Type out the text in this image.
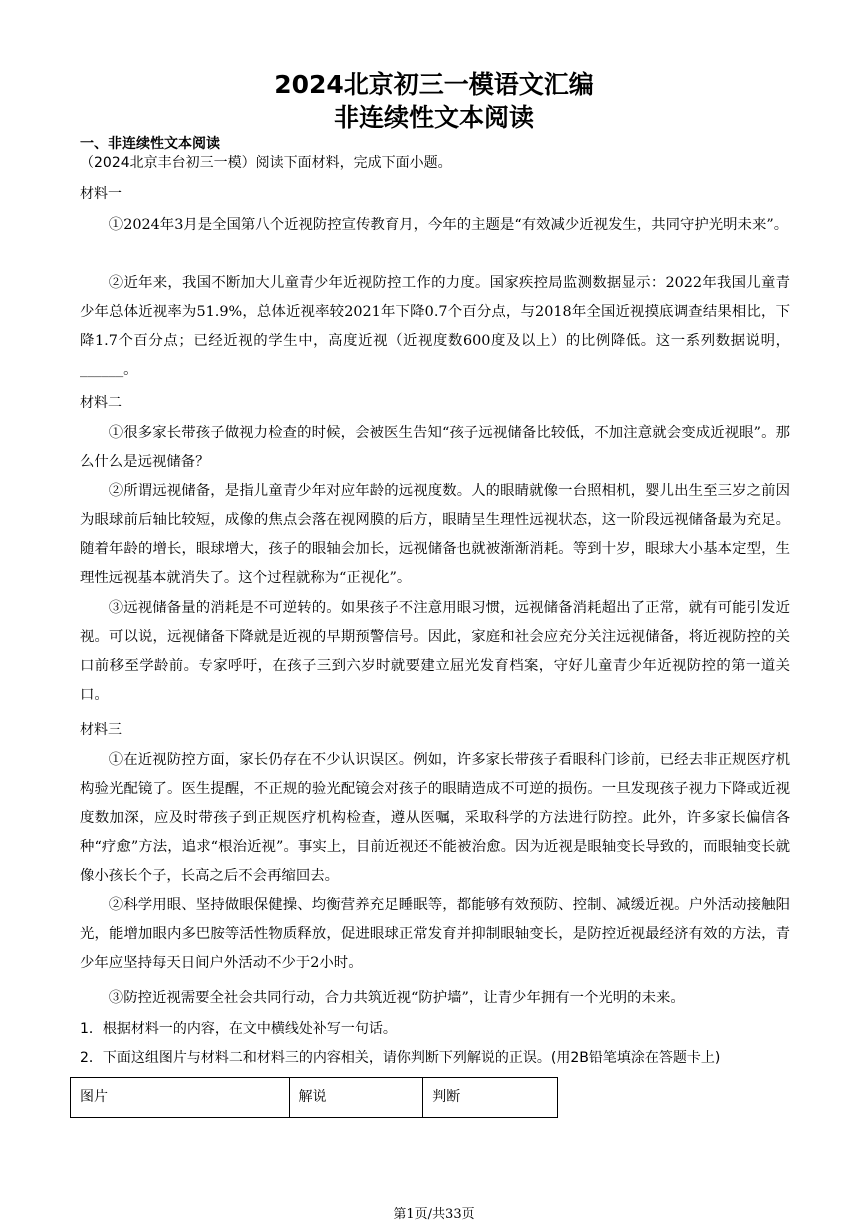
2024北京初三一模语文汇编
非连续性文本阅读
一、非连续性文本阅读
（2024北京丰台初三一模）阅读下面材料，完成下面小题。
材料一
①2024年3月是全国第八个近视防控宣传教育月，今年的主题是“有效减少近视发生，共同守护光明未来”。
②近年来，我国不断加大儿童青少年近视防控工作的力度。国家疾控局监测数据显示：2022年我国儿童青少年总体近视率为51.9%，总体近视率较2021年下降0.7个百分点，与2018年全国近视摸底调查结果相比，下降1.7个百分点；已经近视的学生中，高度近视（近视度数600度及以上）的比例降低。这一系列数据说明，______。
材料二
①很多家长带孩子做视力检查的时候，会被医生告知“孩子远视储备比较低，不加注意就会变成近视眼”。那么什么是远视储备？
②所谓远视储备，是指儿童青少年对应年龄的远视度数。人的眼睛就像一台照相机，婴儿出生至三岁之前因为眼球前后轴比较短，成像的焦点会落在视网膜的后方，眼睛呈生理性远视状态，这一阶段远视储备最为充足。随着年龄的增长，眼球增大，孩子的眼轴会加长，远视储备也就被渐渐消耗。等到十岁，眼球大小基本定型，生理性远视基本就消失了。这个过程就称为“正视化”。
③远视储备量的消耗是不可逆转的。如果孩子不注意用眼习惯，远视储备消耗超出了正常，就有可能引发近视。可以说，远视储备下降就是近视的早期预警信号。因此，家庭和社会应充分关注远视储备，将近视防控的关口前移至学龄前。专家呼吁，在孩子三到六岁时就要建立屈光发育档案，守好儿童青少年近视防控的第一道关口。
材料三
①在近视防控方面，家长仍存在不少认识误区。例如，许多家长带孩子看眼科门诊前，已经去非正规医疗机构验光配镜了。医生提醒，不正规的验光配镜会对孩子的眼睛造成不可逆的损伤。一旦发现孩子视力下降或近视度数加深，应及时带孩子到正规医疗机构检查，遵从医嘱，采取科学的方法进行防控。此外，许多家长偏信各种“疗愈”方法，追求“根治近视”。事实上，目前近视还不能被治愈。因为近视是眼轴变长导致的，而眼轴变长就像小孩长个子，长高之后不会再缩回去。
②科学用眼、坚持做眼保健操、均衡营养充足睡眠等，都能够有效预防、控制、减缓近视。户外活动接触阳光，能增加眼内多巴胺等活性物质释放，促进眼球正常发育并抑制眼轴变长，是防控近视最经济有效的方法，青少年应坚持每天日间户外活动不少于2小时。
③防控近视需要全社会共同行动，合力共筑近视“防护墙”，让青少年拥有一个光明的未来。
1．根据材料一的内容，在文中横线处补写一句话。
2．下面这组图片与材料二和材料三的内容相关，请你判断下列解说的正误。(用2B铅笔填涂在答题卡上)
图片	解说	判断
第1页/共33页
